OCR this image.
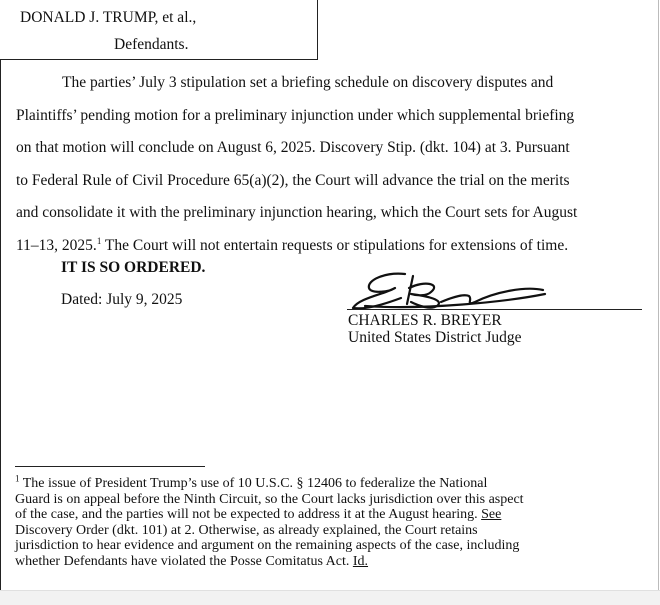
DONALD J. TRUMP, et al.,
Defendants.

The parties’ July 3 stipulation set a briefing schedule on discovery disputes and

Plaintiffs’ pending motion for a preliminary injunction under which supplemental briefing

on that motion will conclude on August 6, 2025. Discovery Stip. (dkt. 104) at 3. Pursuant

to Federal Rule of Civil Procedure 65(a)(2), the Court will advance the trial on the merits

and consolidate it with the preliminary injunction hearing, which the Court sets for August

11–13, 2025.$^1$ The Court will not entertain requests or stipulations for extensions of time.

IT IS SO ORDERED.
Dated: July 9, 2025
CHARLES R. BREYER
United States District Judge
$^1$ The issue of President Trump’s use of 10 U.S.C. § 12406 to federalize the National
Guard is on appeal before the Ninth Circuit, so the Court lacks jurisdiction over this aspect
of the case, and the parties will not be expected to address it at the August hearing. See
Discovery Order (dkt. 101) at 2. Otherwise, as already explained, the Court retains
jurisdiction to hear evidence and argument on the remaining aspects of the case, including
whether Defendants have violated the Posse Comitatus Act. Id.
